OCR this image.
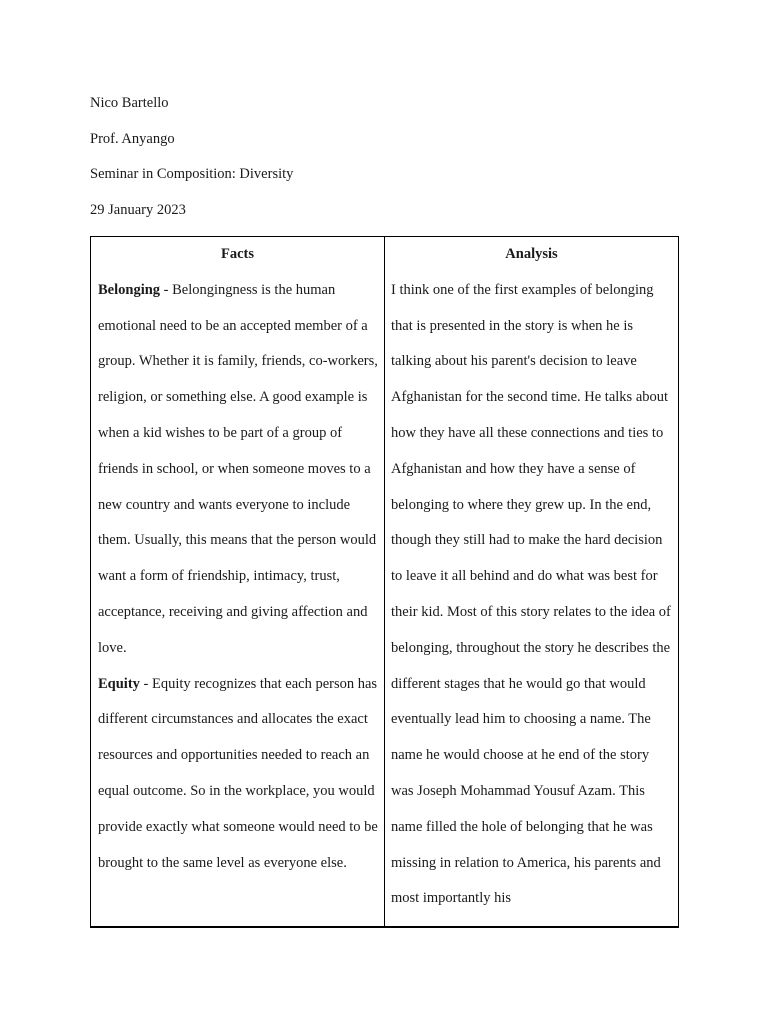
Nico Bartello
Prof. Anyango
Seminar in Composition: Diversity
29 January 2023

Facts

Belonging - Belongingness is the human emotional need to be an accepted member of a group. Whether it is family, friends, co-workers, religion, or something else. A good example is when a kid wishes to be part of a group of friends in school, or when someone moves to a new country and wants everyone to include them. Usually, this means that the person would want a form of friendship, intimacy, trust, acceptance, receiving and giving affection and love.

Equity - Equity recognizes that each person has different circumstances and allocates the exact resources and opportunities needed to reach an equal outcome. So in the workplace, you would provide exactly what someone would need to be brought to the same level as everyone else.

Analysis

I think one of the first examples of belonging that is presented in the story is when he is talking about his parent's decision to leave Afghanistan for the second time. He talks about how they have all these connections and ties to Afghanistan and how they have a sense of belonging to where they grew up. In the end, though they still had to make the hard decision to leave it all behind and do what was best for their kid. Most of this story relates to the idea of belonging, throughout the story he describes the different stages that he would go that would eventually lead him to choosing a name. The name he would choose at he end of the story was Joseph Mohammad Yousuf Azam. This name filled the hole of belonging that he was missing in relation to America, his parents and most importantly his
